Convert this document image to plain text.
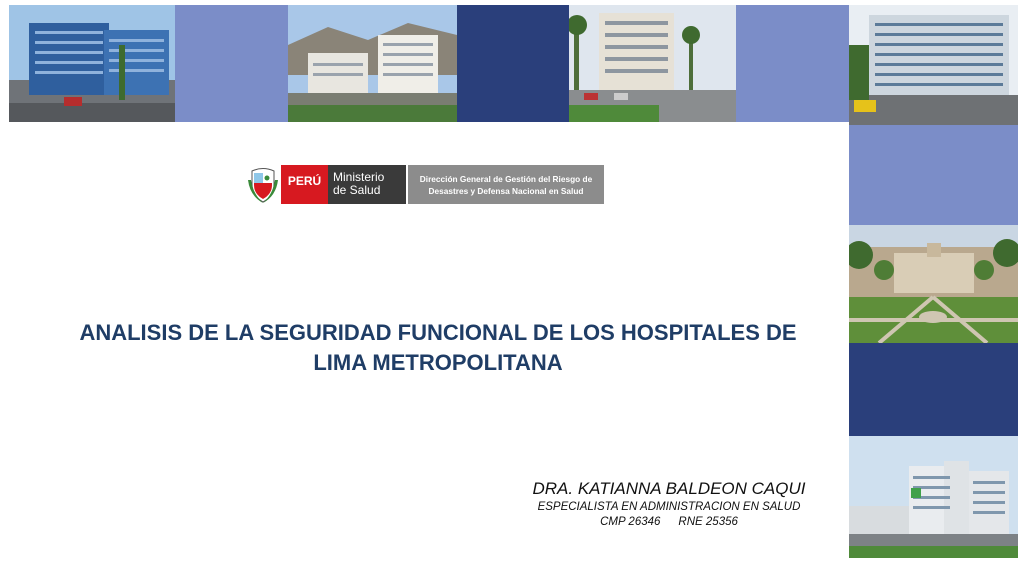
PERÚ Ministerio
de Salud
Dirección General de Gestión del Riesgo de
Desastres y Defensa Nacional en Salud
ANALISIS DE LA SEGURIDAD FUNCIONAL DE LOS HOSPITALES DE
LIMA METROPOLITANA
DRA. KATIANNA BALDEON CAQUI
ESPECIALISTA EN ADMINISTRACION EN SALUD
CMP 26346 RNE 25356
